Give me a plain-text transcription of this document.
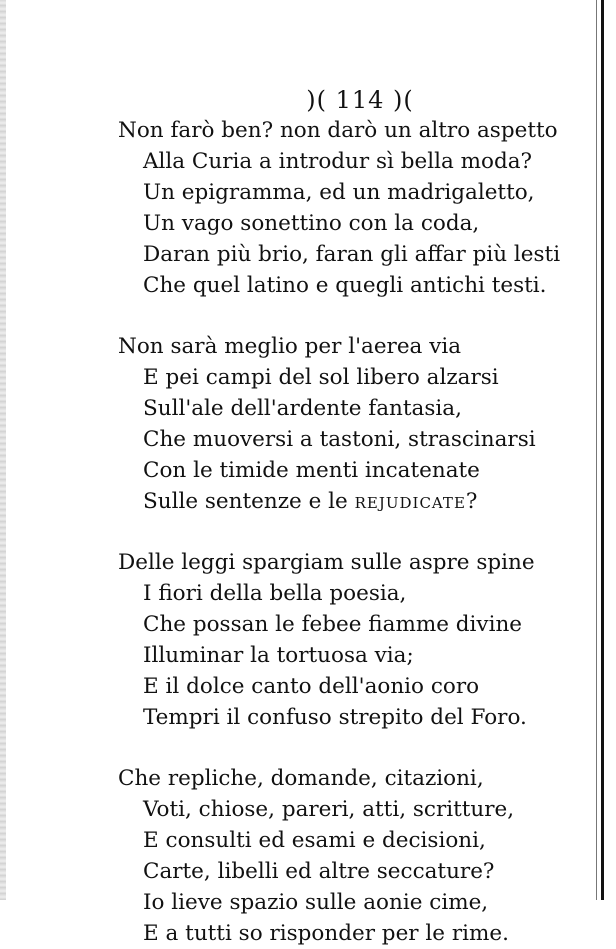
)( 114 )(
Non farò ben? non darò un altro aspetto
Alla Curia a introdur sì bella moda?
Un epigramma, ed un madrigaletto,
Un vago sonettino con la coda,
Daran più brio, faran gli affar più lesti
Che quel latino e quegli antichi testi.
Non sarà meglio per l'aerea via
E pei campi del sol libero alzarsi
Sull'ale dell'ardente fantasia,
Che muoversi a tastoni, strascinarsi
Con le timide menti incatenate
Sulle sentenze e le rejudicate?
Delle leggi spargiam sulle aspre spine
I fiori della bella poesia,
Che possan le febee fiamme divine
Illuminar la tortuosa via;
E il dolce canto dell'aonio coro
Tempri il confuso strepito del Foro.
Che repliche, domande, citazioni,
Voti, chiose, pareri, atti, scritture,
E consulti ed esami e decisioni,
Carte, libelli ed altre seccature?
Io lieve spazio sulle aonie cime,
E a tutti so risponder per le rime.
